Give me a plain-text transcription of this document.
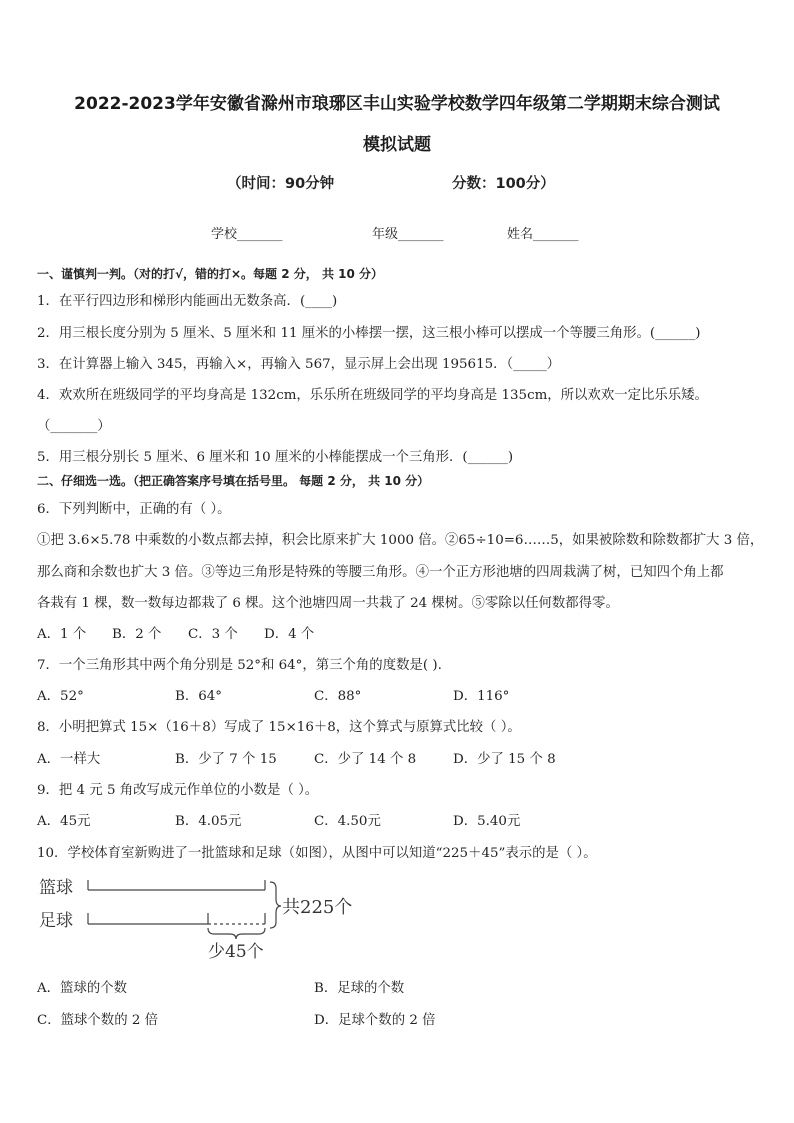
2022-2023学年安徽省滁州市琅琊区丰山实验学校数学四年级第二学期期末综合测试
模拟试题
（时间：90分钟	分数：100分）
学校_______	年级_______	姓名_______
一、谨慎判一判。（对的打√，错的打×。每题 2 分， 共 10 分）
1．在平行四边形和梯形内能画出无数条高．(____)
2．用三根长度分别为 5 厘米、5 厘米和 11 厘米的小棒摆一摆，这三根小棒可以摆成一个等腰三角形。(______)
3．在计算器上输入 345，再输入×，再输入 567，显示屏上会出现 195615．（_____）
4．欢欢所在班级同学的平均身高是 132cm，乐乐所在班级同学的平均身高是 135cm，所以欢欢一定比乐乐矮。
（_______）
5．用三根分别长 5 厘米、6 厘米和 10 厘米的小棒能摆成一个三角形．(______)
二、仔细选一选。（把正确答案序号填在括号里。 每题 2 分， 共 10 分）
6．下列判断中，正确的有（ ）。
①把 3.6×5.78 中乘数的小数点都去掉，积会比原来扩大 1000 倍。②65÷10=6……5，如果被除数和除数都扩大 3 倍，
那么商和余数也扩大 3 倍。③等边三角形是特殊的等腰三角形。④一个正方形池塘的四周栽满了树，已知四个角上都
各栽有 1 棵，数一数每边都栽了 6 棵。这个池塘四周一共栽了 24 棵树。⑤零除以任何数都得零。
A．1 个 B．2 个 C．3 个 D．4 个
7．一个三角形其中两个角分别是 52°和 64°，第三个角的度数是( ).
A．52°	B．64°	C．88°	D．116°
8．小明把算式 15×（16＋8）写成了 15×16＋8，这个算式与原算式比较（ ）。
A．一样大	B．少了 7 个 15	C．少了 14 个 8	D．少了 15 个 8
9．把 4 元 5 角改写成元作单位的小数是（ ）。
A．45元	B．4.05元	C．4.50元	D．5.40元
10．学校体育室新购进了一批篮球和足球（如图），从图中可以知道“225＋45”表示的是（ ）。
篮球
足球
共225个
少45个
A．篮球的个数	B．足球的个数
C．篮球个数的 2 倍	D．足球个数的 2 倍
